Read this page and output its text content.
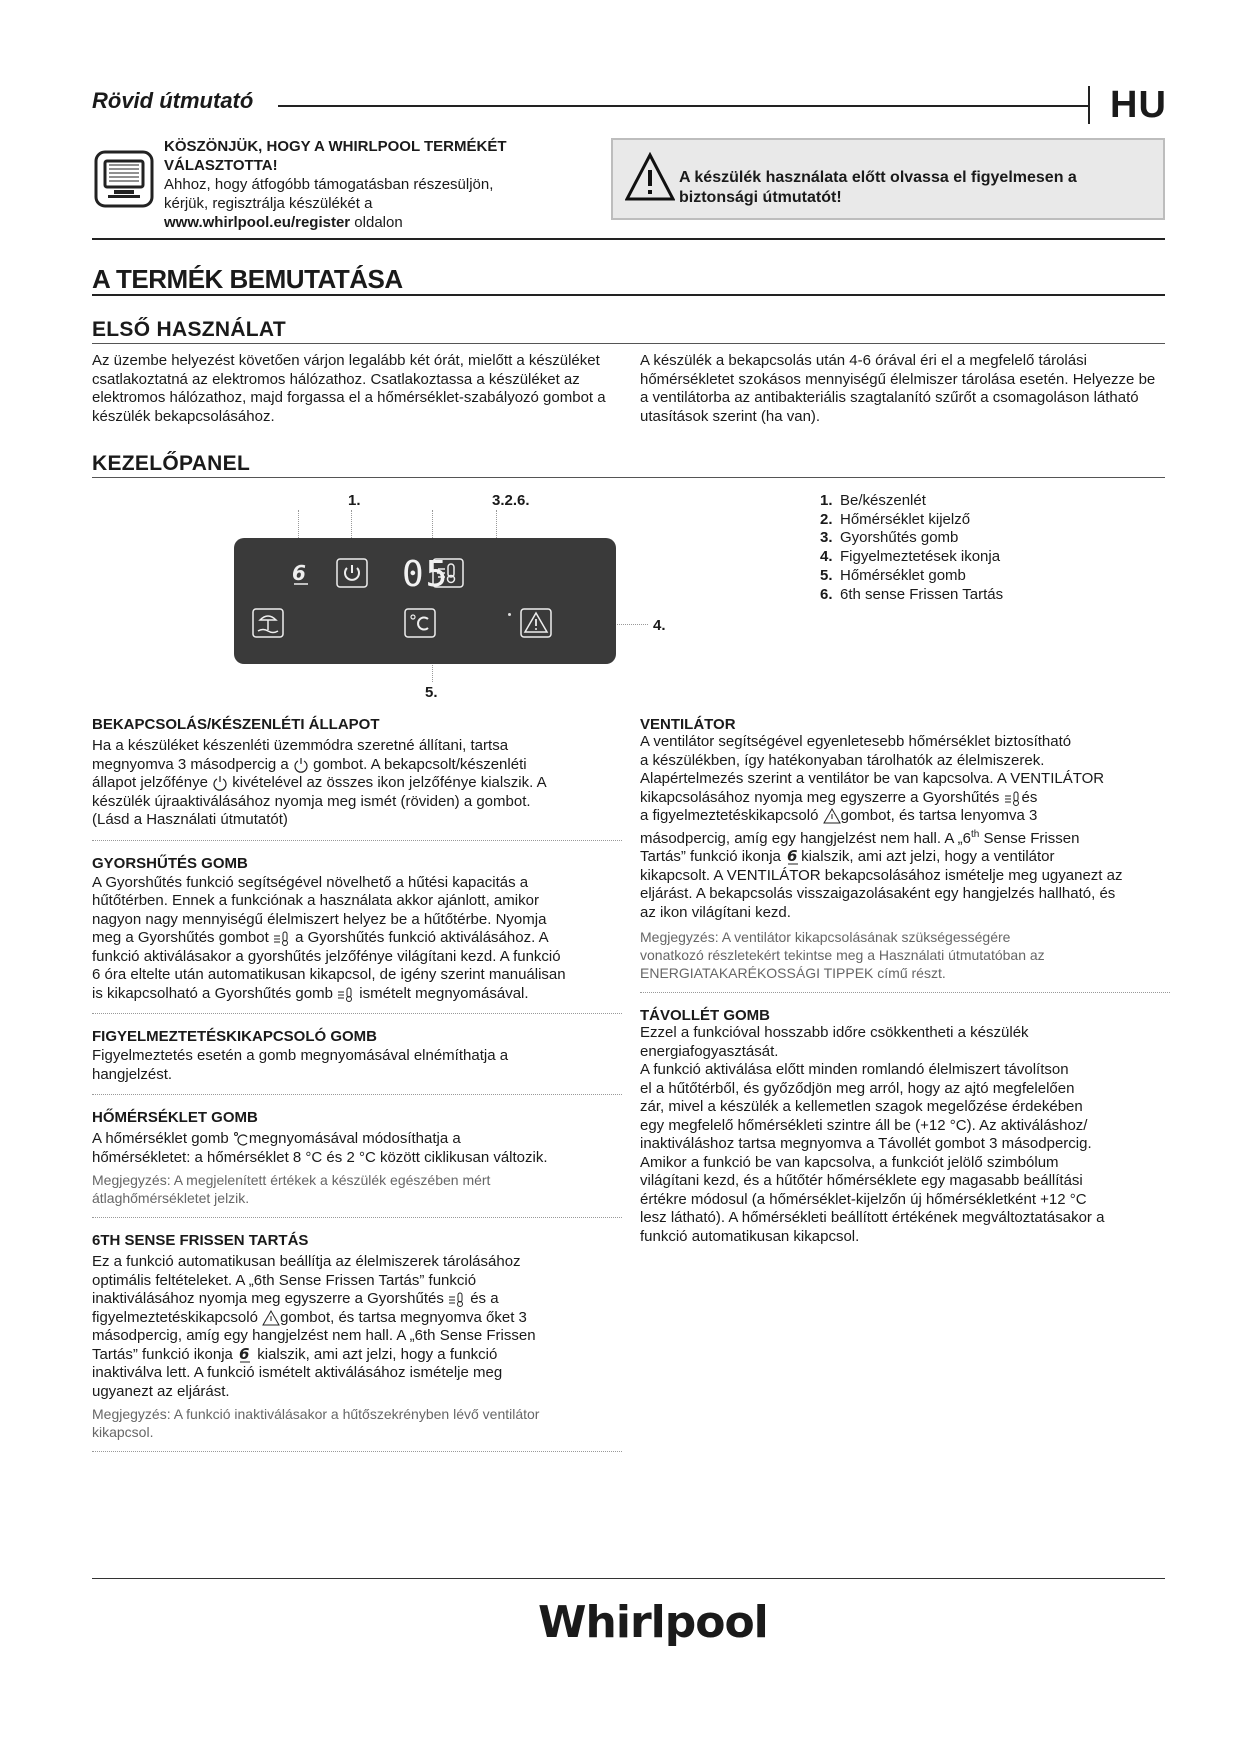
Rövid útmutató	HU
KÖSZÖNJÜK, HOGY A WHIRLPOOL TERMÉKÉT VÁLASZTOTTA!
Ahhoz, hogy átfogóbb támogatásban részesüljön,
kérjük, regisztrálja készülékét a
www.whirlpool.eu/register oldalon
A készülék használata előtt olvassa el figyelmesen a biztonsági útmutatót!
A TERMÉK BEMUTATÁSA
ELSŐ HASZNÁLAT
Az üzembe helyezést követően várjon legalább két órát, mielőtt a készüléket csatlakoztatná az elektromos hálózathoz. Csatlakoztassa a készüléket az elektromos hálózathoz, majd forgassa el a hőmérséklet-szabályozó gombot a készülék bekapcsolásához.
A készülék a bekapcsolás után 4-6 órával éri el a megfelelő tárolási hőmérsékletet szokásos mennyiségű élelmiszer tárolása esetén. Helyezze be a ventilátorba az antibakteriális szagtalanító szűrőt a csomagoláson látható utasítások szerint (ha van).
KEZELŐPANEL
1.	3.2.6.
4.
5.
6	05
1. Be/készenlét
2. Hőmérséklet kijelző
3. Gyorshűtés gomb
4. Figyelmeztetések ikonja
5. Hőmérséklet gomb
6. 6th sense Frissen Tartás
BEKAPCSOLÁS/KÉSZENLÉTI ÁLLAPOT
Ha a készüléket készenléti üzemmódra szeretné állítani, tartsa
megnyomva 3 másodpercig a gombot. A bekapcsolt/készenléti
állapot jelzőfénye kivételével az összes ikon jelzőfénye kialszik. A
készülék újraaktiválásához nyomja meg ismét (röviden) a gombot.
(Lásd a Használati útmutatót)
GYORSHŰTÉS GOMB
A Gyorshűtés funkció segítségével növelhető a hűtési kapacitás a
hűtőtérben. Ennek a funkciónak a használata akkor ajánlott, amikor
nagyon nagy mennyiségű élelmiszert helyez be a hűtőtérbe. Nyomja
meg a Gyorshűtés gombot a Gyorshűtés funkció aktiválásához. A
funkció aktiválásakor a gyorshűtés jelzőfénye világítani kezd. A funkció
6 óra elteltе után automatikusan kikapcsol, de igény szerint manuálisan
is kikapcsolható a Gyorshűtés gomb ismételt megnyomásával.
FIGYELMEZTETÉSKIKAPCSOLÓ GOMB
Figyelmeztetés esetén a gomb megnyomásával elnémíthatja a
hangjelzést.
HŐMÉRSÉKLET GOMB
A hőmérséklet gomb megnyomásával módosíthatja a
hőmérsékletet: a hőmérséklet 8 °C és 2 °C között ciklikusan változik.
Megjegyzés: A megjelenített értékek a készülék egészében mért
átlaghőmérsékletet jelzik.
6TH SENSE FRISSEN TARTÁS
Ez a funkció automatikusan beállítja az élelmiszerek tárolásához
optimális feltételeket. A „6th Sense Frissen Tartás” funkció
inaktiválásához nyomja meg egyszerre a Gyorshűtés és a
figyelmeztetéskikapcsoló gombot, és tartsa megnyomva őket 3
másodpercig, amíg egy hangjelzést nem hall. A „6th Sense Frissen
Tartás” funkció ikonja 6 kialszik, ami azt jelzi, hogy a funkció
inaktiválva lett. A funkció ismételt aktiválásához ismételje meg
ugyanezt az eljárást.
Megjegyzés: A funkció inaktiválásakor a hűtőszekrényben lévő ventilátor
kikapcsol.
VENTILÁTOR
A ventilátor segítségével egyenletesebb hőmérséklet biztosítható
a készülékben, így hatékonyaban tárolhatók az élelmiszerek.
Alapértelmezés szerint a ventilátor be van kapcsolva. A VENTILÁTOR
kikapcsolásához nyomja meg egyszerre a Gyorshűtés és
a figyelmeztetéskikapcsoló gombot, és tartsa lenyomva 3
másodpercig, amíg egy hangjelzést nem hall. A „6th Sense Frissen
Tartás” funkció ikonja 6 kialszik, ami azt jelzi, hogy a ventilátor
kikapcsolt. A VENTILÁTOR bekapcsolásához ismételje meg ugyanezt az
eljárást. A bekapcsolás visszaigazolásaként egy hangjelzés hallható, és
az ikon világítani kezd.
Megjegyzés: A ventilátor kikapcsolásának szükségességére
vonatkozó részletekért tekintse meg a Használati útmutatóban az
ENERGIATAKARÉKOSSÁGI TIPPEK című részt.
TÁVOLLÉT GOMB
Ezzel a funkcióval hosszabb időre csökkentheti a készülék
energiafogyasztását.
A funkció aktiválása előtt minden romlandó élelmiszert távolítson
el a hűtőtérből, és győződjön meg arról, hogy az ajtó megfelelően
zár, mivel a készülék a kellemetlen szagok megelőzése érdekében
egy megfelelő hőmérsékleti szintre áll be (+12 °C). Az aktiváláshoz/
inaktiváláshoz tartsa megnyomva a Távollét gombot 3 másodpercig.
Amikor a funkció be van kapcsolva, a funkciót jelölő szimbólum
világítani kezd, és a hűtőtér hőmérséklete egy magasabb beállítási
értékre módosul (a hőmérséklet-kijelzőn új hőmérsékletként +12 °C
lesz látható). A hőmérsékleti beállított értékének megváltoztatásakor a
funkció automatikusan kikapcsol.
Whirlpool
